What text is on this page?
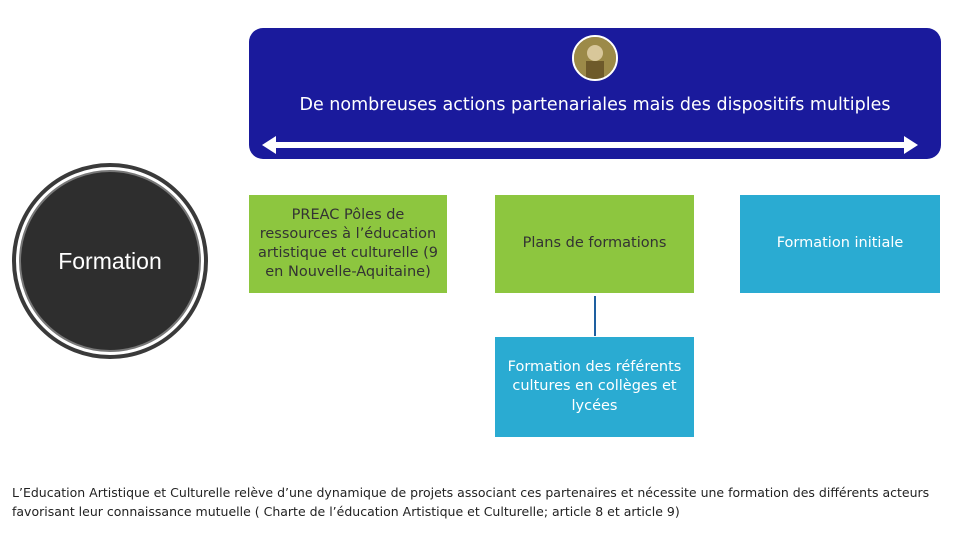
De nombreuses actions partenariales mais des dispositifs multiples
Formation
PREAC Pôles de ressources à l’éducation artistique et culturelle (9 en Nouvelle-Aquitaine)
Plans de formations	Formation initiale
Formation des référents cultures en collèges et lycées
L’Education Artistique et Culturelle relève d’une dynamique de projets associant ces partenaires et nécessite une formation des différents acteurs favorisant leur connaissance mutuelle ( Charte de l’éducation Artistique et Culturelle; article 8 et article 9)
